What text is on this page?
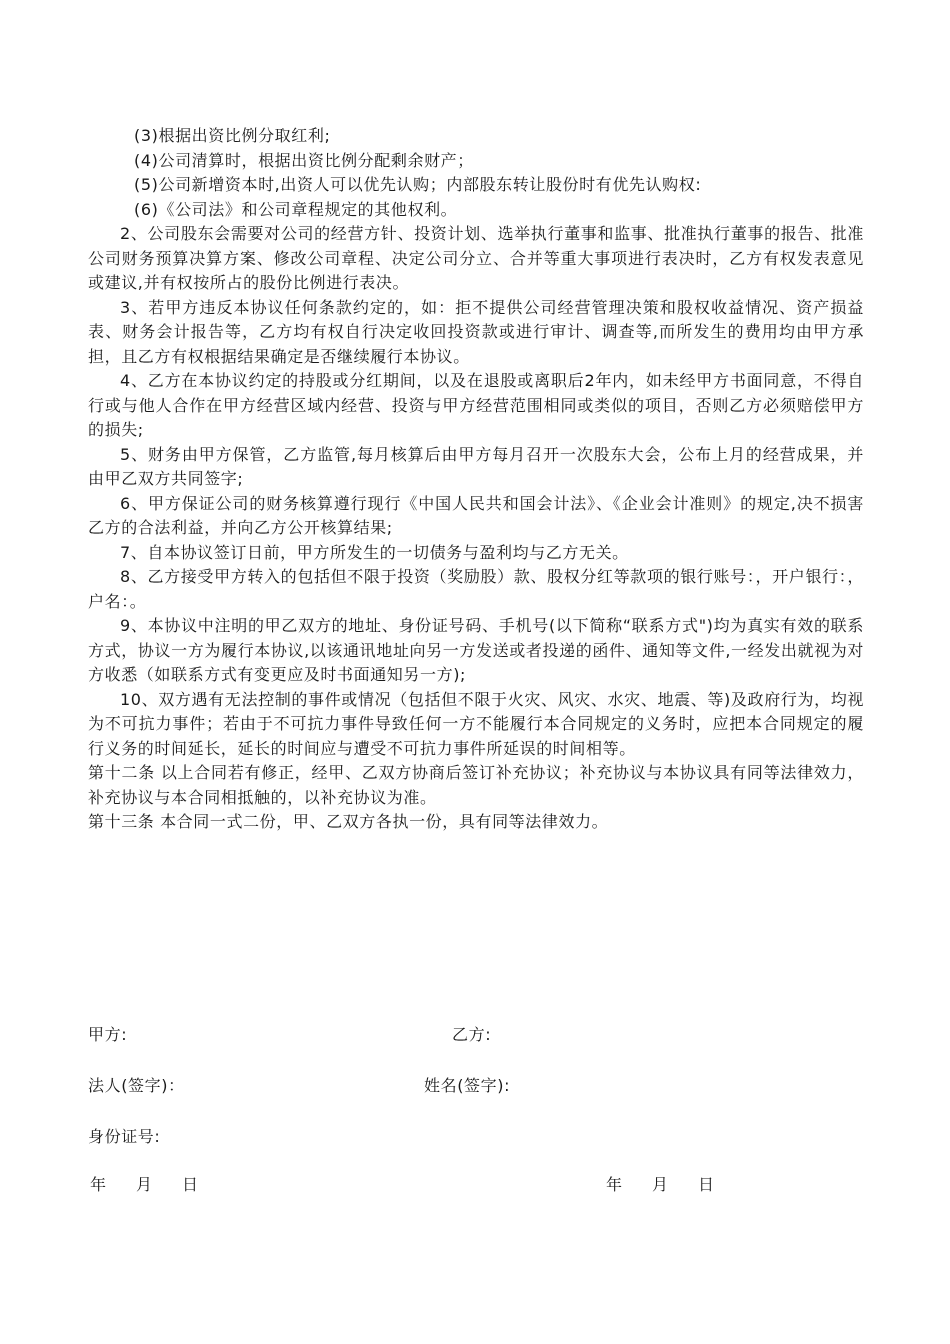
(3)根据出资比例分取红利;

(4)公司清算时，根据出资比例分配剩余财产；

(5)公司新增资本时,出资人可以优先认购；内部股东转让股份时有优先认购权:

(6)《公司法》和公司章程规定的其他权利。

2、公司股东会需要对公司的经营方针、投资计划、选举执行董事和监事、批准执行董事的报告、批准公司财务预算决算方案、修改公司章程、决定公司分立、合并等重大事项进行表决时，乙方有权发表意见或建议,并有权按所占的股份比例进行表决。

3、若甲方违反本协议任何条款约定的，如：拒不提供公司经营管理决策和股权收益情况、资产损益表、财务会计报告等，乙方均有权自行决定收回投资款或进行审计、调查等,而所发生的费用均由甲方承担，且乙方有权根据结果确定是否继续履行本协议。

4、乙方在本协议约定的持股或分红期间，以及在退股或离职后2年内，如未经甲方书面同意，不得自行或与他人合作在甲方经营区域内经营、投资与甲方经营范围相同或类似的项目，否则乙方必须赔偿甲方的损失;

5、财务由甲方保管，乙方监管,每月核算后由甲方每月召开一次股东大会，公布上月的经营成果，并由甲乙双方共同签字;

6、甲方保证公司的财务核算遵行现行《中国人民共和国会计法》、《企业会计准则》的规定,决不损害乙方的合法利益，并向乙方公开核算结果;

7、自本协议签订日前，甲方所发生的一切债务与盈利均与乙方无关。

8、乙方接受甲方转入的包括但不限于投资（奖励股）款、股权分红等款项的银行账号：，开户银行：，户名：。

9、本协议中注明的甲乙双方的地址、身份证号码、手机号(以下简称“联系方式")均为真实有效的联系方式，协议一方为履行本协议,以该通讯地址向另一方发送或者投递的函件、通知等文件,一经发出就视为对方收悉（如联系方式有变更应及时书面通知另一方);

10、双方遇有无法控制的事件或情况（包括但不限于火灾、风灾、水灾、地震、等)及政府行为，均视为不可抗力事件；若由于不可抗力事件导致任何一方不能履行本合同规定的义务时，应把本合同规定的履行义务的时间延长，延长的时间应与遭受不可抗力事件所延误的时间相等。

第十二条 以上合同若有修正，经甲、乙双方协商后签订补充协议；补充协议与本协议具有同等法律效力，补充协议与本合同相抵触的，以补充协议为准。

第十三条 本合同一式二份，甲、乙双方各执一份，具有同等法律效力。

甲方:	乙方:
法人(签字)：	姓名(签字):
身份证号:
年 月 日	年 月 日
